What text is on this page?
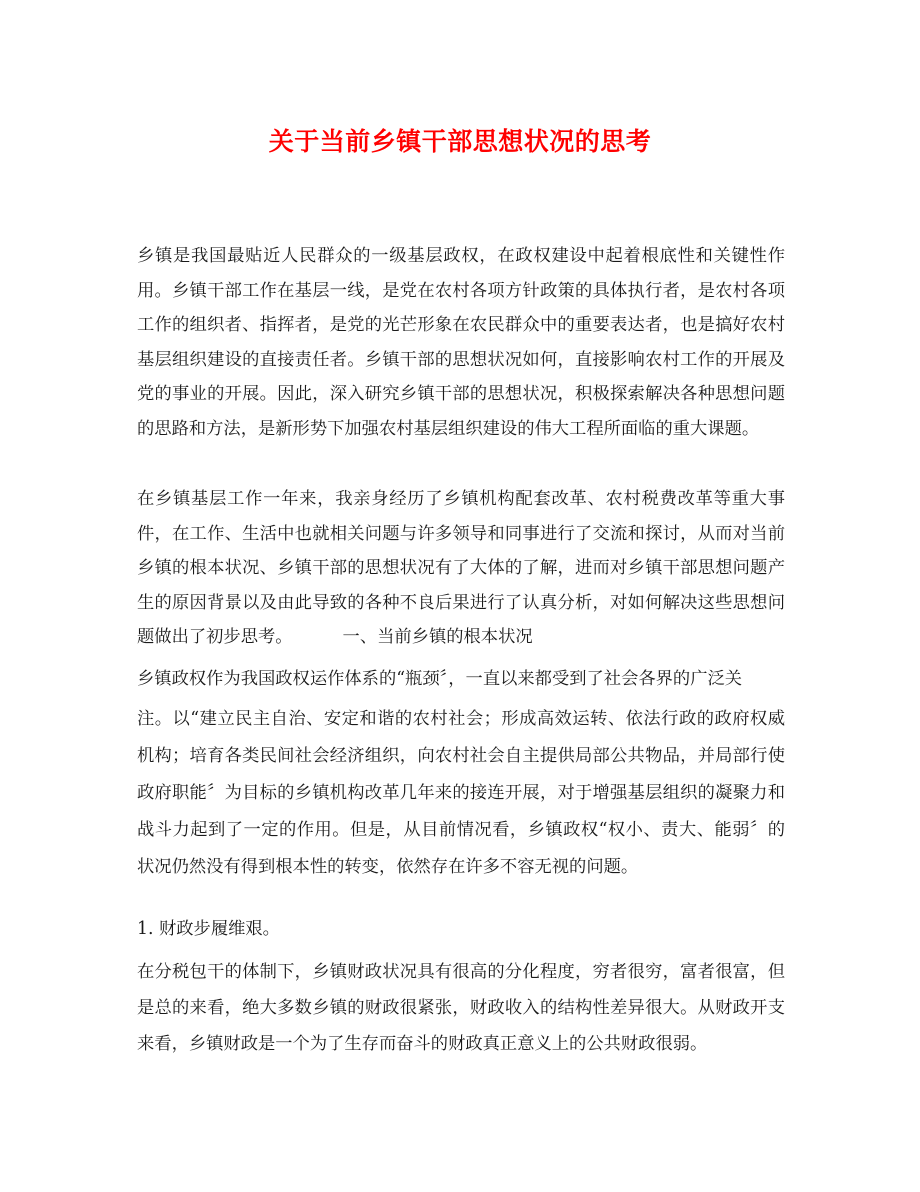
关于当前乡镇干部思想状况的思考

乡镇是我国最贴近人民群众的一级基层政权，在政权建设中起着根底性和关键性作用。乡镇干部工作在基层一线，是党在农村各项方针政策的具体执行者，是农村各项工作的组织者、指挥者，是党的光芒形象在农民群众中的重要表达者，也是搞好农村基层组织建设的直接责任者。乡镇干部的思想状况如何，直接影响农村工作的开展及党的事业的开展。因此，深入研究乡镇干部的思想状况，积极探索解决各种思想问题的思路和方法，是新形势下加强农村基层组织建设的伟大工程所面临的重大课题。

在乡镇基层工作一年来，我亲身经历了乡镇机构配套改革、农村税费改革等重大事件，在工作、生活中也就相关问题与许多领导和同事进行了交流和探讨，从而对当前乡镇的根本状况、乡镇干部的思想状况有了大体的了解，进而对乡镇干部思想问题产生的原因背景以及由此导致的各种不良后果进行了认真分析，对如何解决这些思想问题做出了初步思考。	一、当前乡镇的根本状况

乡镇政权作为我国政权运作体系的“瓶颈〞，一直以来都受到了社会各界的广泛关

注。以“建立民主自治、安定和谐的农村社会；形成高效运转、依法行政的政府权威机构；培育各类民间社会经济组织，向农村社会自主提供局部公共物品，并局部行使政府职能〞为目标的乡镇机构改革几年来的接连开展，对于增强基层组织的凝聚力和战斗力起到了一定的作用。但是，从目前情况看，乡镇政权“权小、责大、能弱〞的状况仍然没有得到根本性的转变，依然存在许多不容无视的问题。

1. 财政步履维艰。

在分税包干的体制下，乡镇财政状况具有很高的分化程度，穷者很穷，富者很富，但是总的来看，绝大多数乡镇的财政很紧张，财政收入的结构性差异很大。从财政开支来看，乡镇财政是一个为了生存而奋斗的财政真正意义上的公共财政很弱。
